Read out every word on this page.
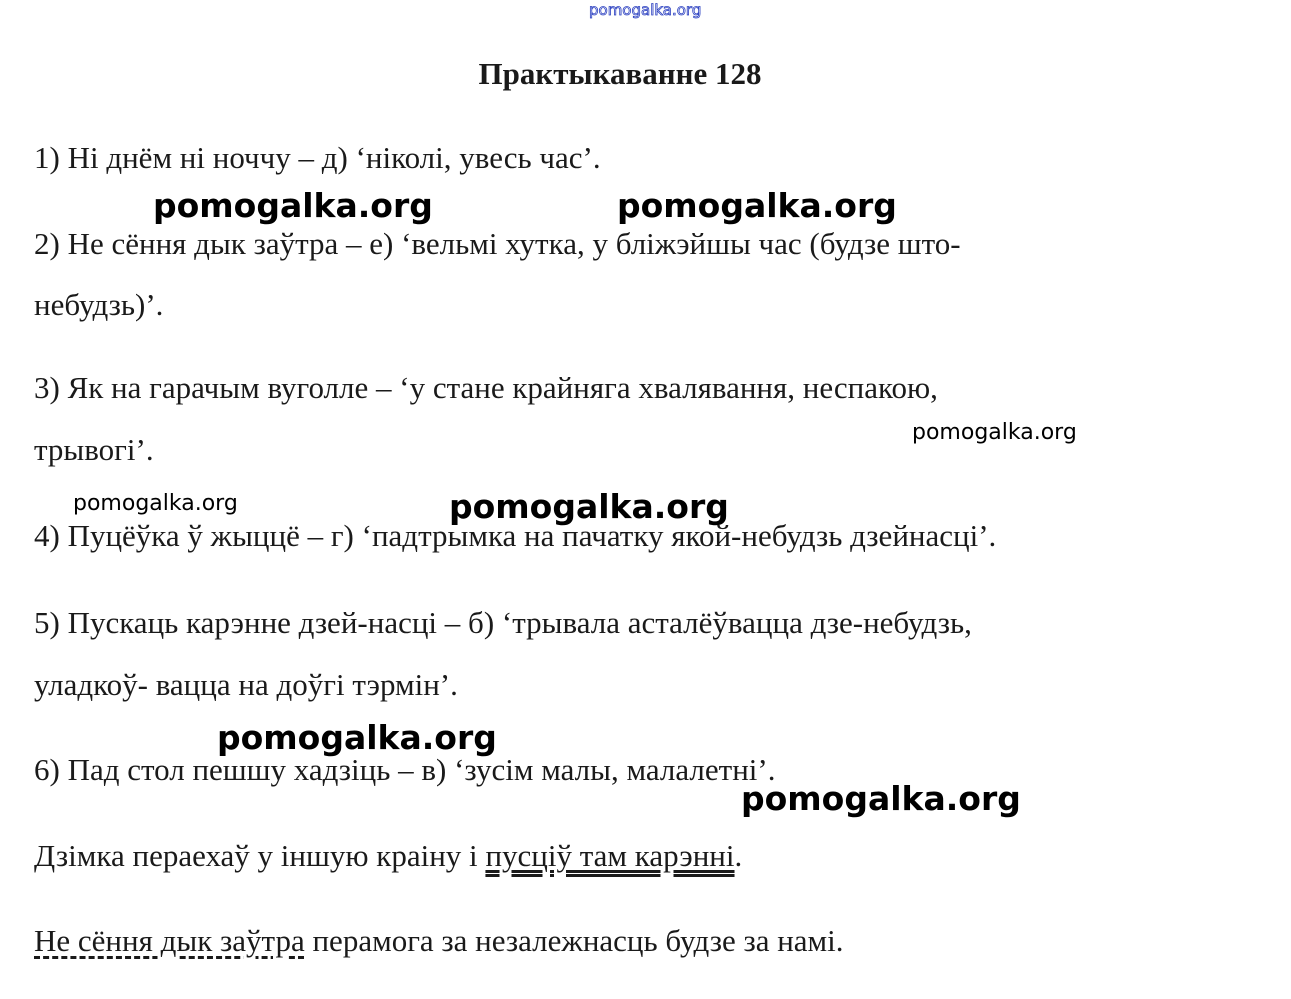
pomogalka.org
Практыкаванне 128
1) Ні днём ні ноччу – д) ‘ніколі, увесь час’.
2) Не сёння дык заўтра – е) ‘вельмі хутка, у бліжэйшы час (будзе што-
небудзь)’.
3) Як на гарачым вуголле – ‘у стане крайняга хвалявання, неспакою,
трывогі’.
4) Пуцёўка ў жыццё – г) ‘падтрымка на пачатку якой-небудзь дзейнасці’.
5) Пускаць карэнне дзей-насці – б) ‘трывала асталёўвацца дзе-небудзь,
уладкоў- вацца на доўгі тэрмін’.
6) Пад стол пешшу хадзіць – в) ‘зусім малы, малалетні’.
Дзімка пераехаў у іншую краіну і пусціў там карэнні.
Не сёння дык заўтра перамога за незалежнасць будзе за намі.
pomogalka.org	pomogalka.org
pomogalka.org
pomogalka.org	pomogalka.org
pomogalka.org
pomogalka.org
